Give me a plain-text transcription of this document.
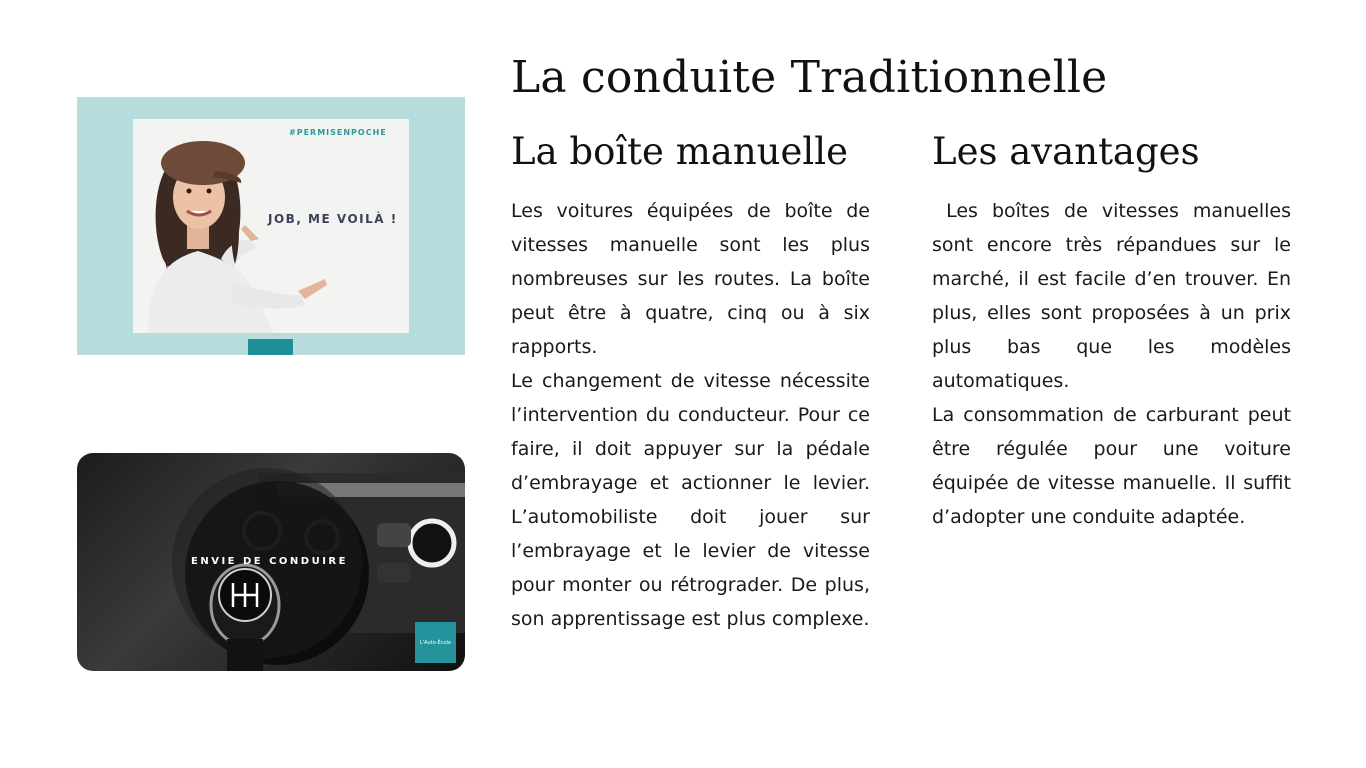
La conduite Traditionnelle
#PERMISENPOCHE
JOB, ME VOILÀ !
ENVIE DE CONDUIRE
L'Auto-École
La boîte manuelle

Les voitures équipées de boîte de vitesses manuelle sont les plus nombreuses sur les routes. La boîte peut être à quatre, cinq ou à six rapports.

Le changement de vitesse nécessite l’intervention du conducteur. Pour ce faire, il doit appuyer sur la pédale d’embrayage et actionner le levier. L’automobiliste doit jouer sur l’embrayage et le levier de vitesse pour monter ou rétrograder. De plus, son apprentissage est plus complexe.

Les avantages

Les boîtes de vitesses manuelles sont encore très répandues sur le marché, il est facile d’en trouver. En plus, elles sont proposées à un prix plus bas que les modèles automatiques.

La consommation de carburant peut être régulée pour une voiture équipée de vitesse manuelle. Il suffit d’adopter une conduite adaptée.
